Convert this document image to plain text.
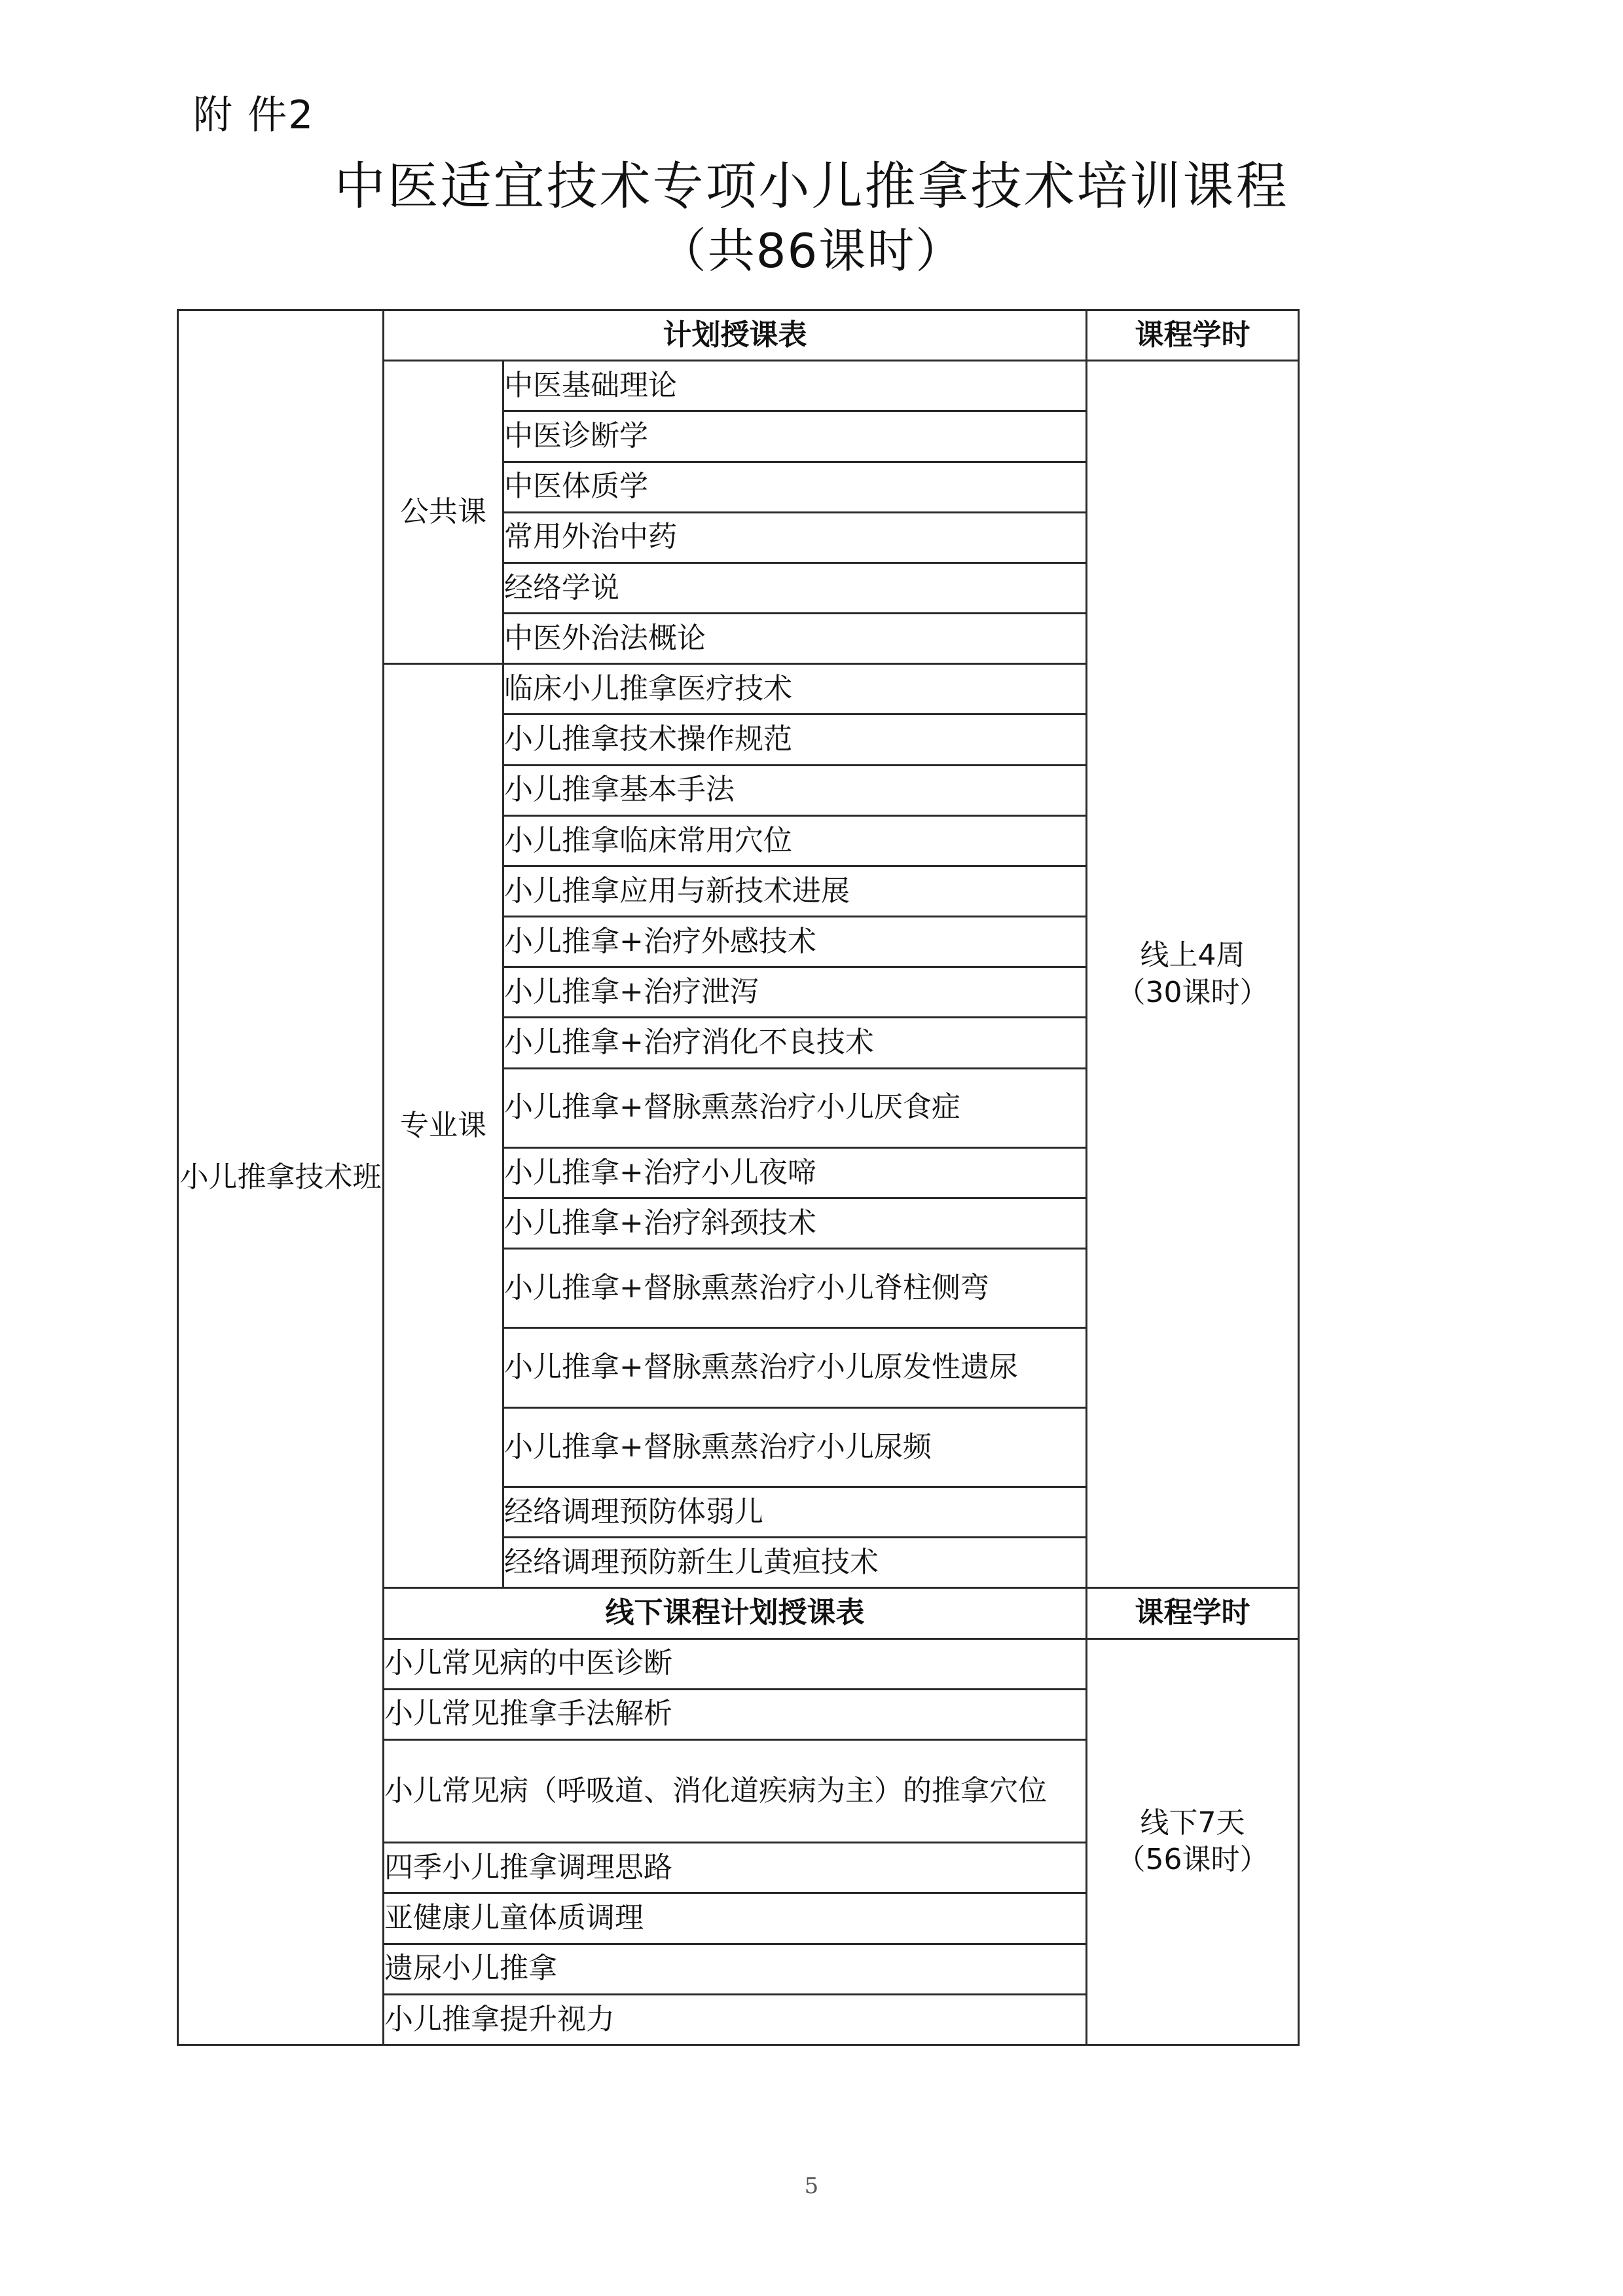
附 件2
中医适宜技术专项小儿推拿技术培训课程
（共86课时）
小儿推拿技术班	计划授课表		课程学时
	公共课	中医基础理论	线上4周
（30课时）

		中医诊断学	
		中医体质学	
		常用外治中药	
		经络学说	
		中医外治法概论	
	专业课	临床小儿推拿医疗技术	
		小儿推拿技术操作规范	
		小儿推拿基本手法	
		小儿推拿临床常用穴位	
		小儿推拿应用与新技术进展	
		小儿推拿+治疗外感技术	
		小儿推拿+治疗泄泻	
		小儿推拿+治疗消化不良技术	
		小儿推拿+督脉熏蒸治疗小儿厌食症	
		小儿推拿+治疗小儿夜啼	
		小儿推拿+治疗斜颈技术	
		小儿推拿+督脉熏蒸治疗小儿脊柱侧弯	
		小儿推拿+督脉熏蒸治疗小儿原发性遗尿	
		小儿推拿+督脉熏蒸治疗小儿尿频	
		经络调理预防体弱儿	
		经络调理预防新生儿黄疸技术	
	线下课程计划授课表		课程学时
	小儿常见病的中医诊断		线下7天
（56课时）

	小儿常见推拿手法解析		
	小儿常见病（呼吸道、消化道疾病为主）的推拿穴位		
	四季小儿推拿调理思路		
	亚健康儿童体质调理		
	遗尿小儿推拿		
	小儿推拿提升视力		
5
